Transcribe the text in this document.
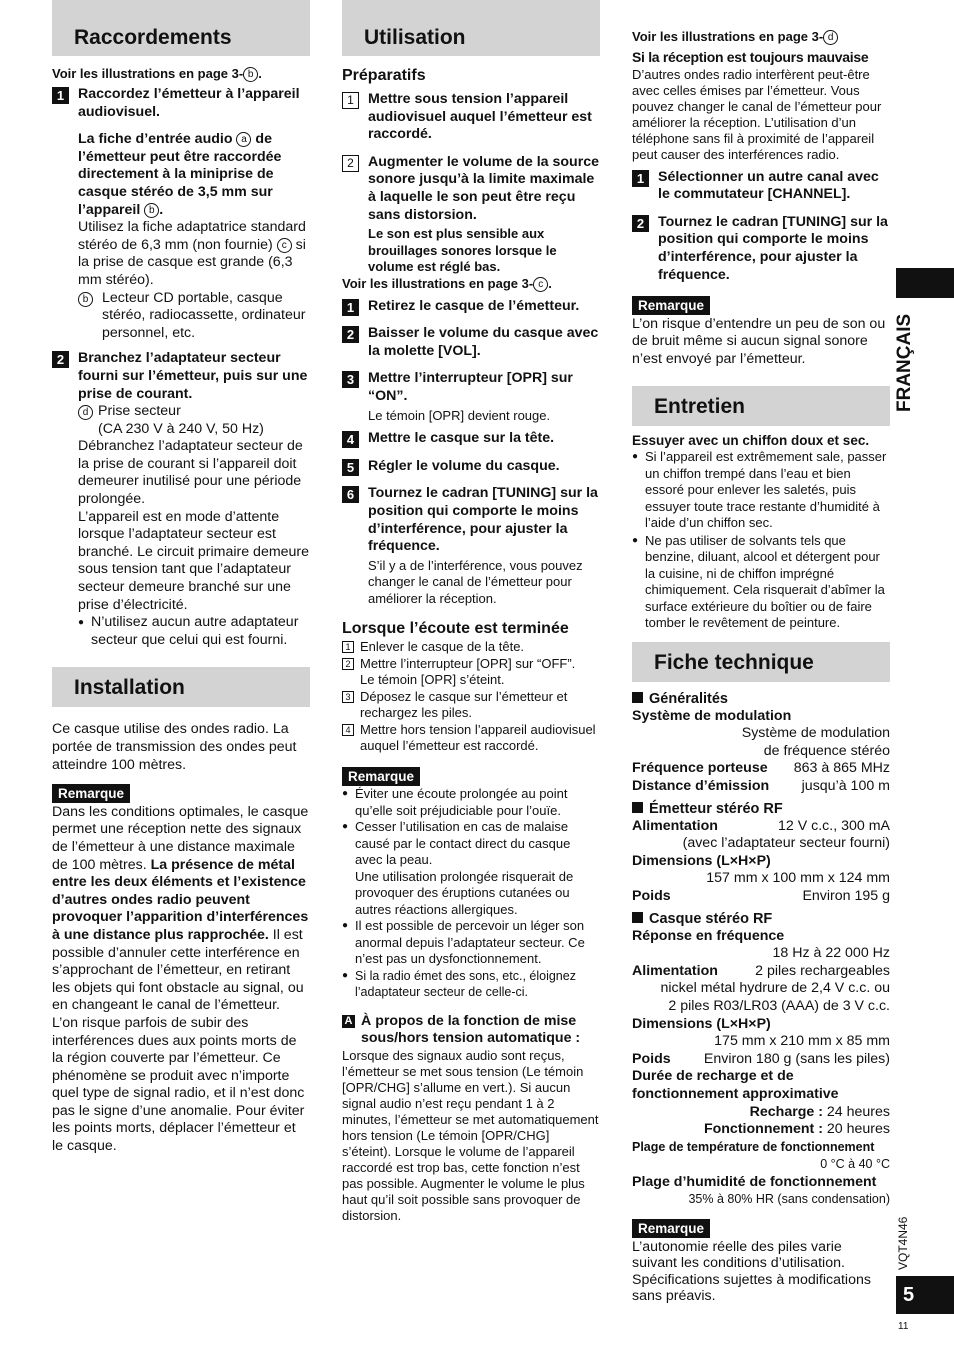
Raccordements

Voir les illustrations en page 3- b .

1 Raccordez l’émetteur à l’appareil audiovisuel.

La fiche d’entrée audio a de l’émetteur peut être raccordée directement à la miniprise de casque stéréo de 3,5 mm sur l’appareil b .

Utilisez la fiche adaptatrice standard stéréo de 6,3 mm (non fournie) c si la prise de casque est grande (6,3 mm stéréo).

b Lecteur CD portable, casque stéréo, radiocassette, ordinateur personnel, etc.

2 Branchez l’adaptateur secteur fourni sur l’émetteur, puis sur une prise de courant.

d Prise secteur

(CA 230 V à 240 V, 50 Hz)

Débranchez l’adaptateur secteur de la prise de courant si l’appareil doit demeurer inutilisé pour une période prolongée.

L’appareil est en mode d’attente lorsque l’adaptateur secteur est branché. Le circuit primaire demeure sous tension tant que l’adaptateur secteur demeure branché sur une prise d’électricité.

● N’utilisez aucun autre adaptateur secteur que celui qui est fourni.

Installation

Ce casque utilise des ondes radio. La portée de transmission des ondes peut atteindre 100 mètres.

Remarque

Dans les conditions optimales, le casque permet une réception nette des signaux de l’émetteur à une distance maximale de 100 mètres. La présence de métal entre les deux éléments et l’existence d’autres ondes radio peuvent provoquer l’apparition d’interférences à une distance plus rapprochée. Il est possible d’annuler cette interférence en s’approchant de l’émetteur, en retirant les objets qui font obstacle au signal, ou en changeant le canal de l’émetteur.

L’on risque parfois de subir des interférences dues aux points morts de la région couverte par l’émetteur. Ce phénomène se produit avec n’importe quel type de signal radio, et il n’est donc pas le signe d’une anomalie. Pour éviter les points morts, déplacer l’émetteur et le casque.

Utilisation

Préparatifs

1 Mettre sous tension l’appareil audiovisuel auquel l’émetteur est raccordé.

2 Augmenter le volume de la source sonore jusqu’à la limite maximale à laquelle le son peut être reçu sans distorsion.

Le son est plus sensible aux brouillages sonores lorsque le volume est réglé bas.

Voir les illustrations en page 3- c .

1 Retirez le casque de l’émetteur.

2 Baisser le volume du casque avec la molette [VOL].

3 Mettre l’interrupteur [OPR] sur “ON”.

Le témoin [OPR] devient rouge.

4 Mettre le casque sur la tête.

5 Régler le volume du casque.

6 Tournez le cadran [TUNING] sur la position qui comporte le moins d’interférence, pour ajuster la fréquence.

S’il y a de l’interférence, vous pouvez changer le canal de l’émetteur pour améliorer la réception.

Lorsque l’écoute est terminée

1 Enlever le casque de la tête.

2 Mettre l’interrupteur [OPR] sur “OFF”.

Le témoin [OPR] s’éteint.

3 Déposez le casque sur l’émetteur et rechargez les piles.

4 Mettre hors tension l’appareil audiovisuel auquel l’émetteur est raccordé.

Remarque

● Éviter une écoute prolongée au point qu’elle soit préjudiciable pour l’ouïe.

● Cesser l’utilisation en cas de malaise causé par le contact direct du casque avec la peau.

Une utilisation prolongée risquerait de provoquer des éruptions cutanées ou autres réactions allergiques.

● Il est possible de percevoir un léger son anormal depuis l’adaptateur secteur. Ce n’est pas un dysfonctionnement.

● Si la radio émet des sons, etc., éloignez l’adaptateur secteur de celle-ci.

A À propos de la fonction de mise sous/hors tension automatique :

Lorsque des signaux audio sont reçus, l’émetteur se met sous tension (Le témoin [OPR/CHG] s’allume en vert.). Si aucun signal audio n’est reçu pendant 1 à 2 minutes, l’émetteur se met automatiquement hors tension (Le témoin [OPR/CHG] s’éteint). Lorsque le volume de l’appareil raccordé est trop bas, cette fonction n’est pas possible. Augmenter le volume le plus haut qu’il soit possible sans provoquer de distorsion.

Voir les illustrations en page 3- d

Si la réception est toujours mauvaise

D’autres ondes radio interfèrent peut-être avec celles émises par l’émetteur. Vous pouvez changer le canal de l’émetteur pour améliorer la réception. L’utilisation d’un téléphone sans fil à proximité de l’appareil peut causer des interférences radio.

1 Sélectionner un autre canal avec le commutateur [CHANNEL].

2 Tournez le cadran [TUNING] sur la position qui comporte le moins d’interférence, pour ajuster la fréquence.

Remarque

L’on risque d’entendre un peu de son ou de bruit même si aucun signal sonore n’est envoyé par l’émetteur.

Entretien

Essuyer avec un chiffon doux et sec.

● Si l’appareil est extrêmement sale, passer un chiffon trempé dans l’eau et bien essoré pour enlever les saletés, puis essuyer toute trace restante d’humidité à l’aide d’un chiffon sec.

● Ne pas utiliser de solvants tels que benzine, diluant, alcool et détergent pour la cuisine, ni de chiffon imprégné chimiquement. Cela risquerait d’abîmer la surface extérieure du boîtier ou de faire tomber le revêtement de peinture.

Fiche technique

Généralités

Système de modulation

Système de modulation

de fréquence stéréo

Fréquence porteuse 863 à 865 MHz
Distance d’émission jusqu’à 100 m

Émetteur stéréo RF

Alimentation	12 V c.c., 300 mA

(avec l’adaptateur secteur fourni)

Dimensions (L×H×P)

157 mm x 100 mm x 124 mm

Poids	Environ 195 g

Casque stéréo RF

Réponse en fréquence

18 Hz à 22 000 Hz

Alimentation	2 piles rechargeables

nickel métal hydrure de 2,4 V c.c. ou

2 piles R03/LR03 (AAA) de 3 V c.c.

Dimensions (L×H×P)

175 mm x 210 mm x 85 mm

Poids Environ 180 g (sans les piles)

Durée de recharge et de fonctionnement approximative

Recharge : 24 heures

Fonctionnement : 20 heures

Plage de température de fonctionnement

0 °C à 40 °C

Plage d’humidité de fonctionnement

35% à 80% HR (sans condensation)

Remarque

L’autonomie réelle des piles varie suivant les conditions d’utilisation. Spécifications sujettes à modifications sans préavis.

FRANÇAIS
VQT4N46
5
11
